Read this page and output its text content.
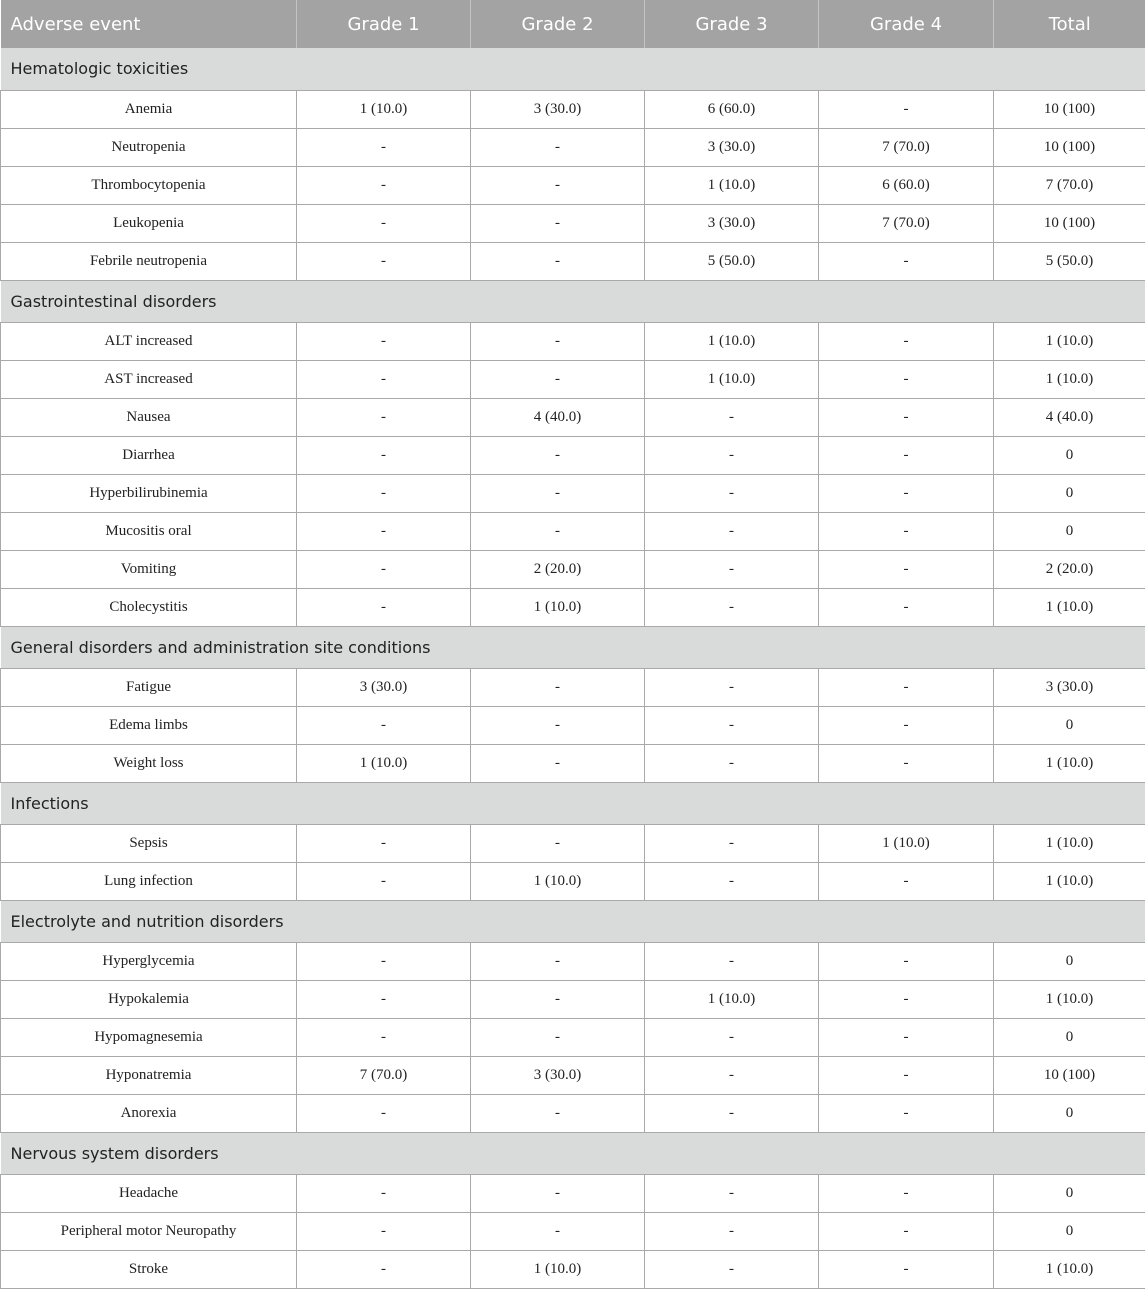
Adverse event	Grade 1	Grade 2	Grade 3	Grade 4	Total
Hematologic toxicities					
Anemia	1 (10.0)	3 (30.0)	6 (60.0)	-	10 (100)
Neutropenia	-	-	3 (30.0)	7 (70.0)	10 (100)
Thrombocytopenia	-	-	1 (10.0)	6 (60.0)	7 (70.0)
Leukopenia	-	-	3 (30.0)	7 (70.0)	10 (100)
Febrile neutropenia	-	-	5 (50.0)	-	5 (50.0)
Gastrointestinal disorders					
ALT increased	-	-	1 (10.0)	-	1 (10.0)
AST increased	-	-	1 (10.0)	-	1 (10.0)
Nausea	-	4 (40.0)	-	-	4 (40.0)
Diarrhea	-	-	-	-	0
Hyperbilirubinemia	-	-	-	-	0
Mucositis oral	-	-	-	-	0
Vomiting	-	2 (20.0)	-	-	2 (20.0)
Cholecystitis	-	1 (10.0)	-	-	1 (10.0)
General disorders and administration site conditions					
Fatigue	3 (30.0)	-	-	-	3 (30.0)
Edema limbs	-	-	-	-	0
Weight loss	1 (10.0)	-	-	-	1 (10.0)
Infections					
Sepsis	-	-	-	1 (10.0)	1 (10.0)
Lung infection	-	1 (10.0)	-	-	1 (10.0)
Electrolyte and nutrition disorders					
Hyperglycemia	-	-	-	-	0
Hypokalemia	-	-	1 (10.0)	-	1 (10.0)
Hypomagnesemia	-	-	-	-	0
Hyponatremia	7 (70.0)	3 (30.0)	-	-	10 (100)
Anorexia	-	-	-	-	0
Nervous system disorders					
Headache	-	-	-	-	0
Peripheral motor Neuropathy	-	-	-	-	0
Stroke	-	1 (10.0)	-	-	1 (10.0)
